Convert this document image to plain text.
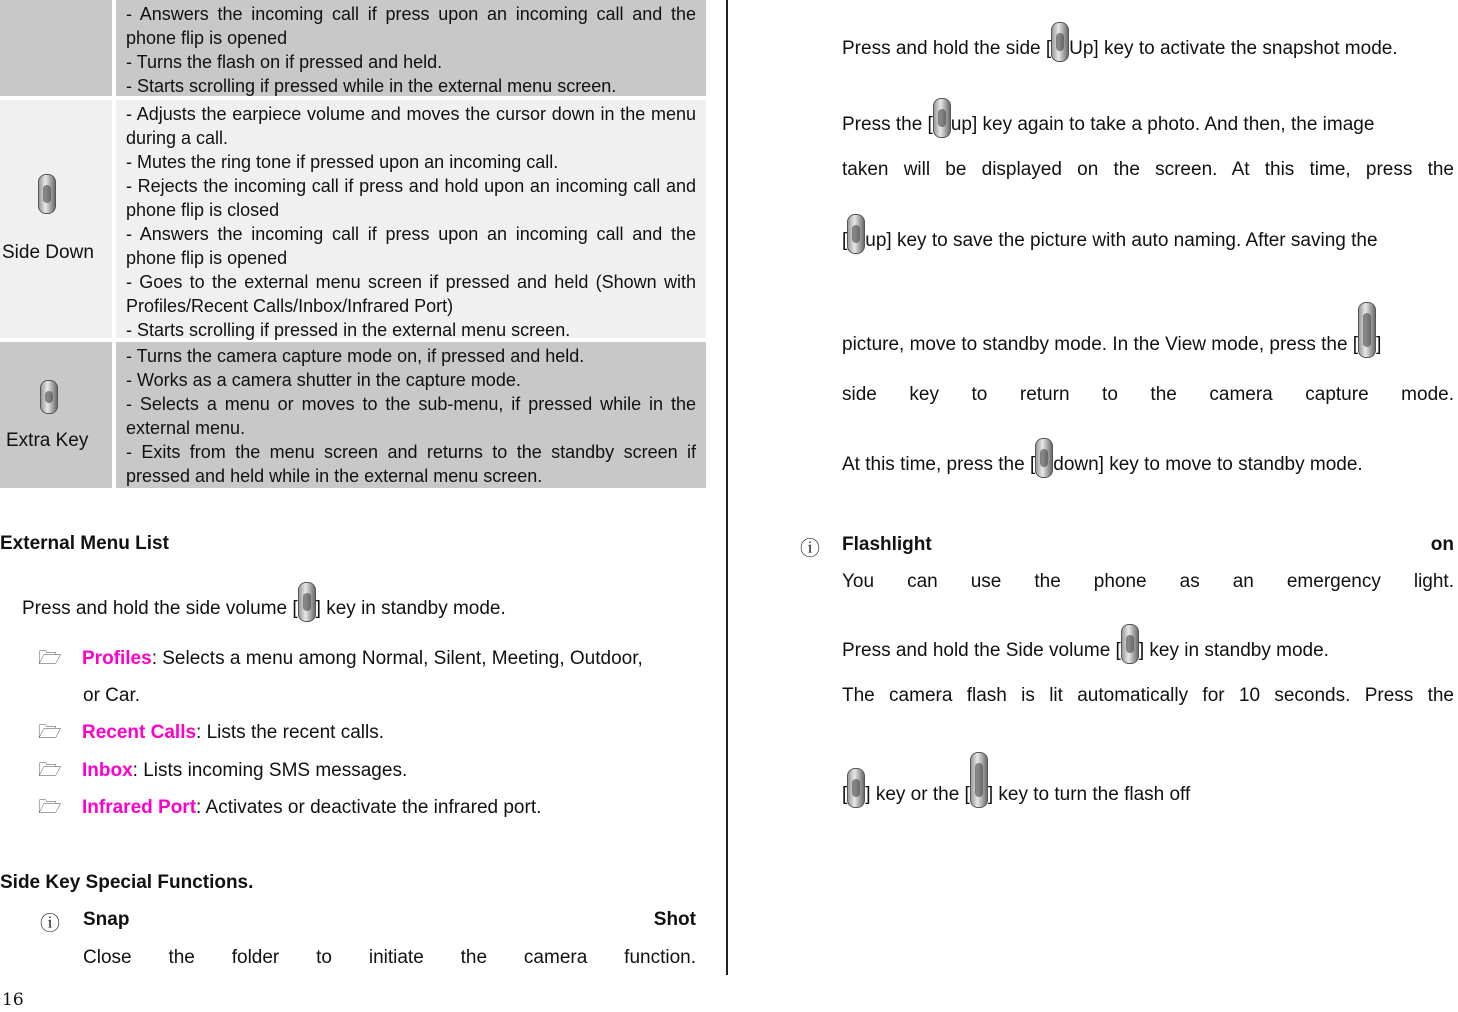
- Answers the incoming call if press upon an incoming call and the phone flip is opened
- Turns the flash on if pressed and held.
- Starts scrolling if pressed while in the external menu screen.
Side Down
- Adjusts the earpiece volume and moves the cursor down in the menu during a call.
- Mutes the ring tone if pressed upon an incoming call.
- Rejects the incoming call if press and hold upon an incoming call and phone flip is closed
- Answers the incoming call if press upon an incoming call and the phone flip is opened
- Goes to the external menu screen if pressed and held (Shown with Profiles/Recent Calls/Inbox/Infrared Port)
- Starts scrolling if pressed in the external menu screen.
Extra Key
- Turns the camera capture mode on, if pressed and held.
- Works as a camera shutter in the capture mode.
- Selects a menu or moves to the sub-menu, if pressed while in the external menu.
- Exits from the menu screen and returns to the standby screen if pressed and held while in the external menu screen.
External Menu List
Press and hold the side volume [ ] key in standby mode.
🗁 Profiles: Selects a menu among Normal, Silent, Meeting, Outdoor,
or Car.
🗁 Recent Calls: Lists the recent calls.
🗁 Inbox: Lists incoming SMS messages.
🗁 Infrared Port: Activates or deactivate the infrared port.
Side Key Special Functions.
ⓘ Snap Shot
Close the folder to initiate the camera function.
16
Press and hold the side [ Up] key to activate the snapshot mode.
Press the [ up] key again to take a photo. And then, the image
taken will be displayed on the screen. At this time, press the
[ up] key to save the picture with auto naming. After saving the
picture, move to standby mode. In the View mode, press the [ ]
side key to return to the camera capture mode.
At this time, press the [ down] key to move to standby mode.
ⓘ Flashlight on
You can use the phone as an emergency light.
Press and hold the Side volume [ ] key in standby mode.
The camera flash is lit automatically for 10 seconds. Press the
[ ] key or the [ ] key to turn the flash off
